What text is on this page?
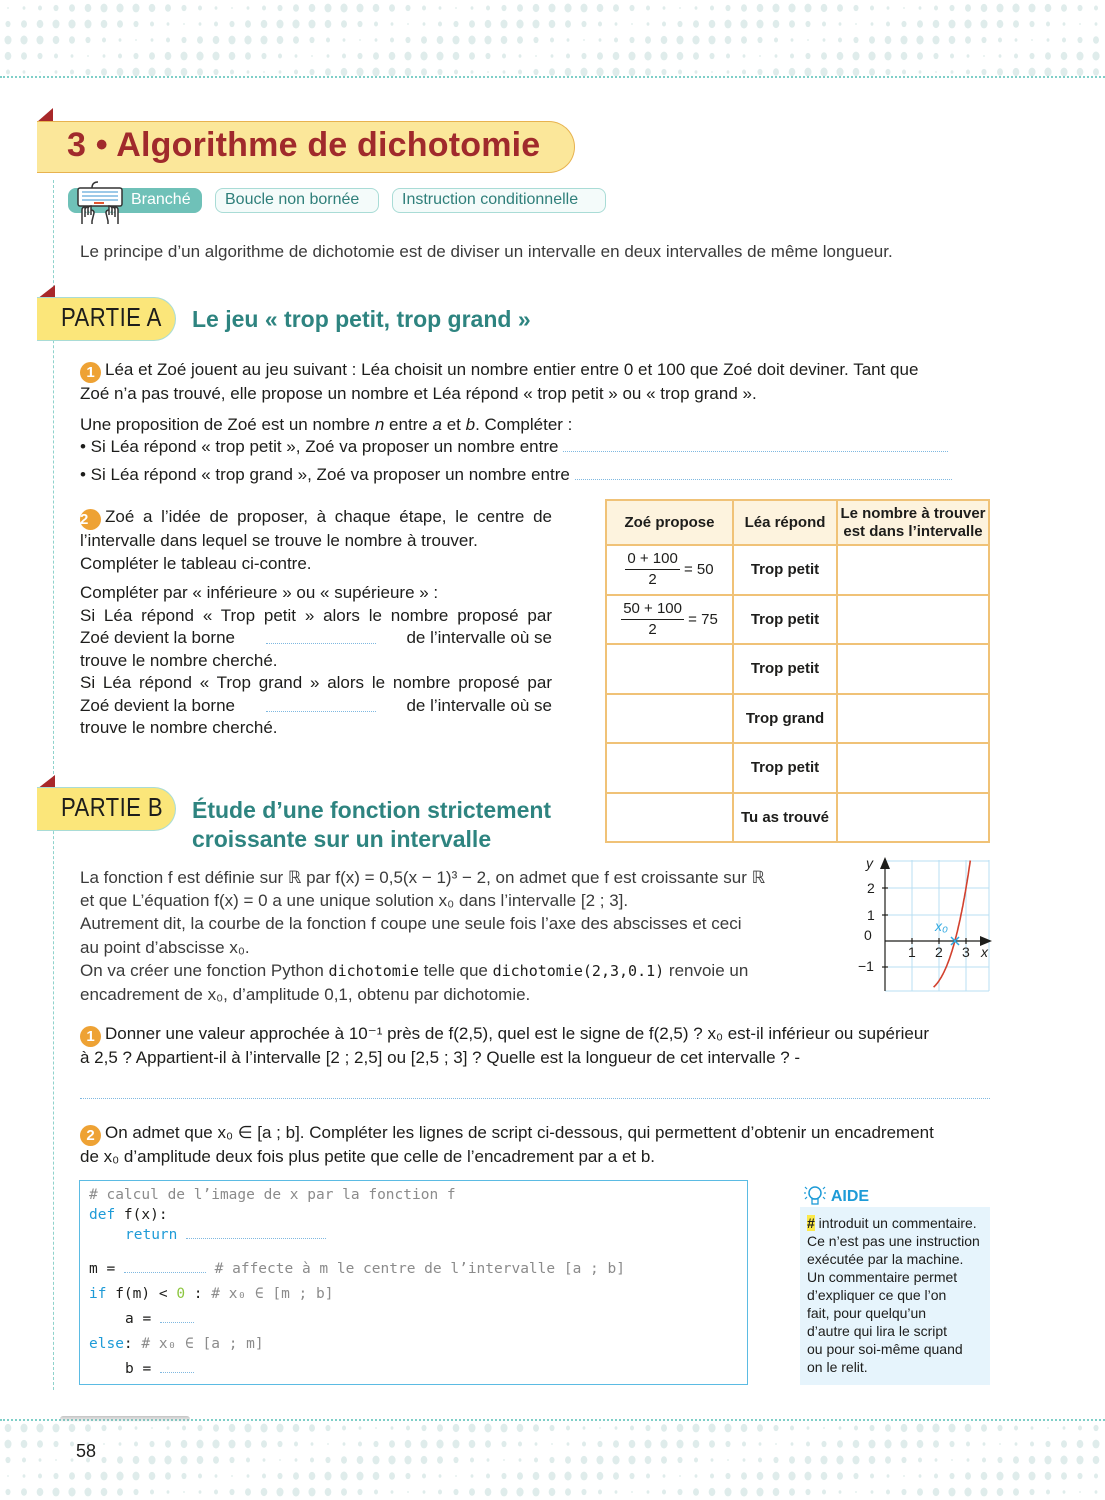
3 • Algorithme de dichotomie
Branché	Boucle non bornée	Instruction conditionnelle
Le principe d’un algorithme de dichotomie est de diviser un intervalle en deux intervalles de même longueur.
PARTIE A Le jeu « trop petit, trop grand »
1 Léa et Zoé jouent au jeu suivant : Léa choisit un nombre entier entre 0 et 100 que Zoé doit deviner. Tant que
Zoé n’a pas trouvé, elle propose un nombre et Léa répond « trop petit » ou « trop grand ».
Une proposition de Zoé est un nombre n entre a et b. Compléter :
• Si Léa répond « trop petit », Zoé va proposer un nombre entre
• Si Léa répond « trop grand », Zoé va proposer un nombre entre
2 Zoé a l’idée de proposer, à chaque étape, le centre de
l’intervalle dans lequel se trouve le nombre à trouver.
Compléter le tableau ci-contre.
Compléter par « inférieure » ou « supérieure » :
Si Léa répond « Trop petit » alors le nombre proposé par
Zoé devient la borne	de l’intervalle où se
trouve le nombre cherché.
Si Léa répond « Trop grand » alors le nombre proposé par
Zoé devient la borne	de l’intervalle où se
trouve le nombre cherché.
Zoé propose	Léa répond	Le nombre à trouver est dans l’intervalle

$\frac{0 + 100}{2} = 50$	Trop petit	

$\frac{50 + 100}{2} = 75$	Trop petit	
	Trop petit	
	Trop grand	
	Trop petit	
	Tu as trouvé	
PARTIE B Étude d’une fonction strictement
croissante sur un intervalle
La fonction f est définie sur ℝ par f(x) = 0,5(x − 1)³ − 2, on admet que f est croissante sur ℝ
et que L’équation f(x) = 0 a une unique solution x₀ dans l’intervalle [2 ; 3].
Autrement dit, la courbe de la fonction f coupe une seule fois l’axe des abscisses et ceci
au point d’abscisse x₀.
On va créer une fonction Python dichotomie telle que dichotomie(2,3,0.1) renvoie un
encadrement de x₀, d’amplitude 0,1, obtenu par dichotomie.
x₀
y
x
1 2 3
2
1
0
−1
1 Donner une valeur approchée à 10⁻¹ près de f(2,5), quel est le signe de f(2,5) ? x₀ est-il inférieur ou supérieur
à 2,5 ? Appartient-il à l’intervalle [2 ; 2,5] ou [2,5 ; 3] ? Quelle est la longueur de cet intervalle ? -
2 On admet que x₀ ∈ [a ; b]. Compléter les lignes de script ci-dessous, qui permettent d’obtenir un encadrement
de x₀ d’amplitude deux fois plus petite que celle de l’encadrement par a et b.
# calcul de l’image de x par la fonction f
def f(x):
return
m =	# affecte à m le centre de l’intervalle [a ; b]
if f(m) < 0 : # x₀ ∈ [m ; b]
a =
else: # x₀ ∈ [a ; m]
b =
AIDE
# introduit un commentaire.
Ce n’est pas une instruction
exécutée par la machine.
Un commentaire permet
d’expliquer ce que l’on
fait, pour quelqu’un
d’autre qui lira le script
ou pour soi-même quand
on le relit.
58
